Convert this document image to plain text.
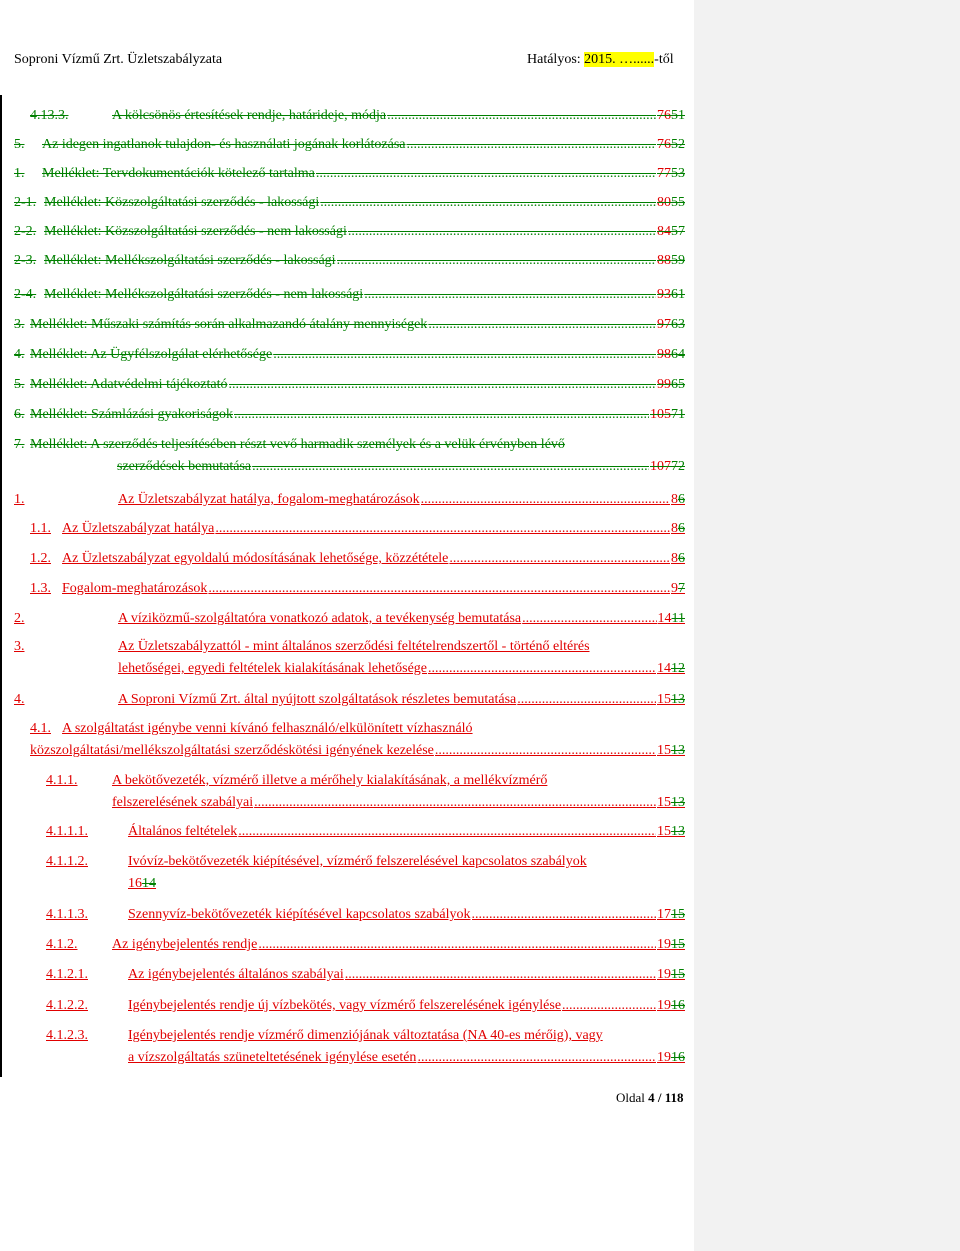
Soproni Vízmű Zrt. Üzletszabályzata	Hatályos: 2015. …......-től
4.13.3.	A kölcsönös értesítések rendje, határideje, módja .....	7651
5.	Az idegen ingatlanok tulajdon- és használati jogának korlátozása .....	7652
1.	Melléklet: Tervdokumentációk kötelező tartalma .....	7753
2-1. Melléklet: Közszolgáltatási szerződés - lakossági .....	8055
2-2. Melléklet: Közszolgáltatási szerződés - nem lakossági .....	8457
2-3. Melléklet: Mellékszolgáltatási szerződés - lakossági .....	8859
2-4. Melléklet: Mellékszolgáltatási szerződés - nem lakossági .....	9361
3. Melléklet: Műszaki számítás során alkalmazandó átalány mennyiségek .....	9763
4. Melléklet: Az Ügyfélszolgálat elérhetősége .....	9864
5. Melléklet: Adatvédelmi tájékoztató .....	9965
6. Melléklet: Számlázási gyakoriságok .....	10571
7. Melléklet: A szerződés teljesítésében részt vevő harmadik személyek és a velük érvényben lévő
szerződések bemutatása .....	10772
1.	Az Üzletszabályzat hatálya, fogalom-meghatározások .....	86
1.1. Az Üzletszabályzat hatálya .....	86
1.2. Az Üzletszabályzat egyoldalú módosításának lehetősége, közzététele .....	86
1.3. Fogalom-meghatározások .....	97
2.	A víziközmű-szolgáltatóra vonatkozó adatok, a tevékenység bemutatása .....	1411
3.	Az Üzletszabályzattól - mint általános szerződési feltételrendszertől - történő eltérés
lehetőségei, egyedi feltételek kialakításának lehetősége .....	1412
4.	A Soproni Vízmű Zrt. által nyújtott szolgáltatások részletes bemutatása .....	1513
4.1. A szolgáltatást igénybe venni kívánó felhasználó/elkülönített vízhasználó
közszolgáltatási/mellékszolgáltatási szerződéskötési igényének kezelése .....	1513
4.1.1.	A bekötővezeték, vízmérő illetve a mérőhely kialakításának, a mellékvízmérő
felszerelésének szabályai .....	1513
4.1.1.1.	Általános feltételek .....	1513
4.1.1.2.	Ivóvíz-bekötővezeték kiépítésével, vízmérő felszerelésével kapcsolatos szabályok
1614
4.1.1.3.	Szennyvíz-bekötővezeték kiépítésével kapcsolatos szabályok .....	1715
4.1.2.	Az igénybejelentés rendje .....	1915
4.1.2.1.	Az igénybejelentés általános szabályai .....	1915
4.1.2.2.	Igénybejelentés rendje új vízbekötés, vagy vízmérő felszerelésének igénylése .....	1916
4.1.2.3.	Igénybejelentés rendje vízmérő dimenziójának változtatása (NA 40-es mérőig), vagy
a vízszolgáltatás szüneteltetésének igénylése esetén .....	1916
Oldal 4 / 118
